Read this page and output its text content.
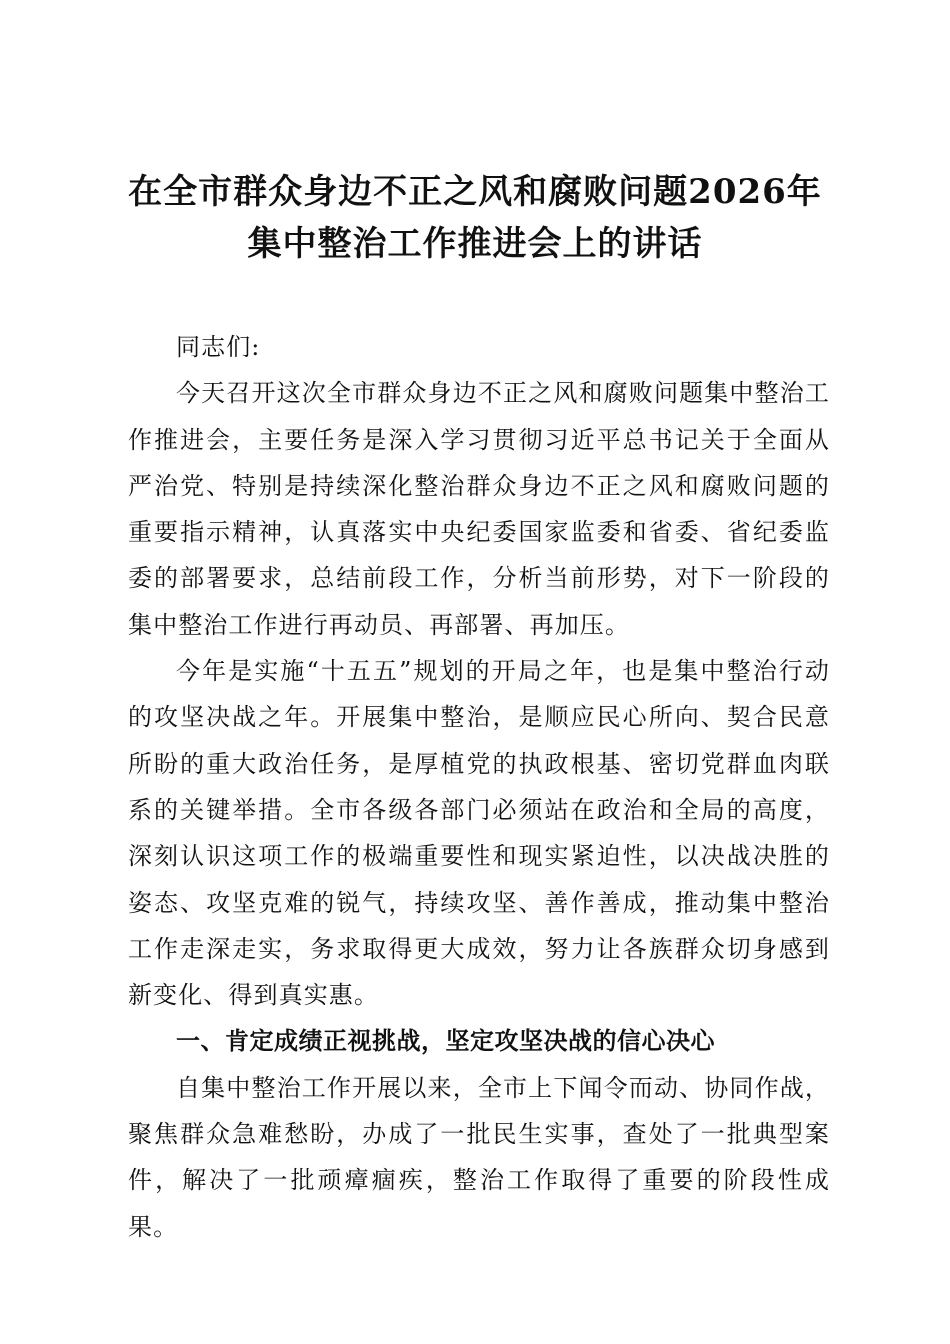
在全市群众身边不正之风和腐败问题2026年
集中整治工作推进会上的讲话

同志们:

今天召开这次全市群众身边不正之风和腐败问题集中整治工作推进会，主要任务是深入学习贯彻习近平总书记关于全面从严治党、特别是持续深化整治群众身边不正之风和腐败问题的重要指示精神，认真落实中央纪委国家监委和省委、省纪委监委的部署要求，总结前段工作，分析当前形势，对下一阶段的集中整治工作进行再动员、再部署、再加压。

今年是实施“十五五”规划的开局之年，也是集中整治行动的攻坚决战之年。开展集中整治，是顺应民心所向、契合民意所盼的重大政治任务，是厚植党的执政根基、密切党群血肉联系的关键举措。全市各级各部门必须站在政治和全局的高度，深刻认识这项工作的极端重要性和现实紧迫性，以决战决胜的姿态、攻坚克难的锐气，持续攻坚、善作善成，推动集中整治工作走深走实，务求取得更大成效，努力让各族群众切身感到新变化、得到真实惠。

一、肯定成绩正视挑战，坚定攻坚决战的信心决心

自集中整治工作开展以来，全市上下闻令而动、协同作战，聚焦群众急难愁盼，办成了一批民生实事，查处了一批典型案件，解决了一批顽瘴痼疾，整治工作取得了重要的阶段性成果。
